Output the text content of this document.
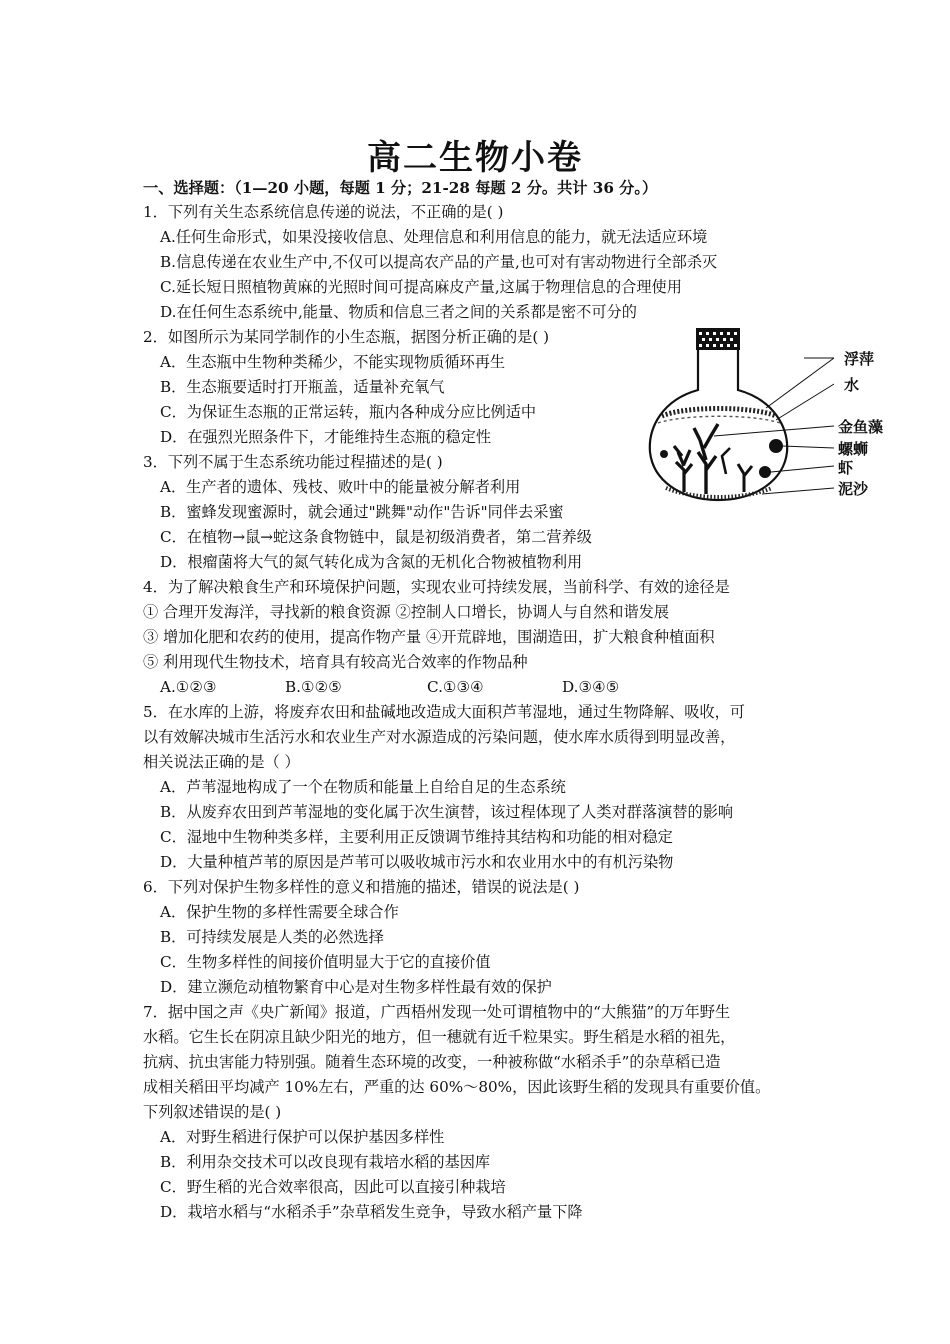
高二生物小卷
一、选择题：（1—20 小题，每题 1 分；21-28 每题 2 分。共计 36 分。）
1．下列有关生态系统信息传递的说法，不正确的是( )
A.任何生命形式，如果没接收信息、处理信息和利用信息的能力，就无法适应环境
B.信息传递在农业生产中,不仅可以提高农产品的产量,也可对有害动物进行全部杀灭
C.延长短日照植物黄麻的光照时间可提高麻皮产量,这属于物理信息的合理使用
D.在任何生态系统中,能量、物质和信息三者之间的关系都是密不可分的
2．如图所示为某同学制作的小生态瓶，据图分析正确的是( )
A．生态瓶中生物种类稀少，不能实现物质循环再生
B．生态瓶要适时打开瓶盖，适量补充氧气
C．为保证生态瓶的正常运转，瓶内各种成分应比例适中
D．在强烈光照条件下，才能维持生态瓶的稳定性
浮萍
水
金鱼藻
螺蛳
虾
泥沙
3．下列不属于生态系统功能过程描述的是( )
A．生产者的遗体、残枝、败叶中的能量被分解者利用
B．蜜蜂发现蜜源时，就会通过"跳舞"动作"告诉"同伴去采蜜
C．在植物→鼠→蛇这条食物链中，鼠是初级消费者，第二营养级
D．根瘤菌将大气的氮气转化成为含氮的无机化合物被植物利用
4．为了解决粮食生产和环境保护问题，实现农业可持续发展，当前科学、有效的途径是
① 合理开发海洋，寻找新的粮食资源 ②控制人口增长，协调人与自然和谐发展
③ 增加化肥和农药的使用，提高作物产量 ④开荒辟地，围湖造田，扩大粮食种植面积
⑤ 利用现代生物技术，培育具有较高光合效率的作物品种
A.①②③	B.①②⑤	C.①③④	D.③④⑤
5．在水库的上游，将废弃农田和盐碱地改造成大面积芦苇湿地，通过生物降解、吸收，可
以有效解决城市生活污水和农业生产对水源造成的污染问题，使水库水质得到明显改善，
相关说法正确的是（ ）
A．芦苇湿地构成了一个在物质和能量上自给自足的生态系统
B．从废弃农田到芦苇湿地的变化属于次生演替，该过程体现了人类对群落演替的影响
C．湿地中生物种类多样，主要利用正反馈调节维持其结构和功能的相对稳定
D．大量种植芦苇的原因是芦苇可以吸收城市污水和农业用水中的有机污染物
6．下列对保护生物多样性的意义和措施的描述，错误的说法是( )
A．保护生物的多样性需要全球合作
B．可持续发展是人类的必然选择
C．生物多样性的间接价值明显大于它的直接价值
D．建立濒危动植物繁育中心是对生物多样性最有效的保护
7．据中国之声《央广新闻》报道，广西梧州发现一处可谓植物中的“大熊猫”的万年野生
水稻。它生长在阴凉且缺少阳光的地方，但一穗就有近千粒果实。野生稻是水稻的祖先，
抗病、抗虫害能力特别强。随着生态环境的改变，一种被称做“水稻杀手”的杂草稻已造
成相关稻田平均减产 10%左右，严重的达 60%～80%，因此该野生稻的发现具有重要价值。
下列叙述错误的是( )
A．对野生稻进行保护可以保护基因多样性
B．利用杂交技术可以改良现有栽培水稻的基因库
C．野生稻的光合效率很高，因此可以直接引种栽培
D．栽培水稻与“水稻杀手”杂草稻发生竞争，导致水稻产量下降
